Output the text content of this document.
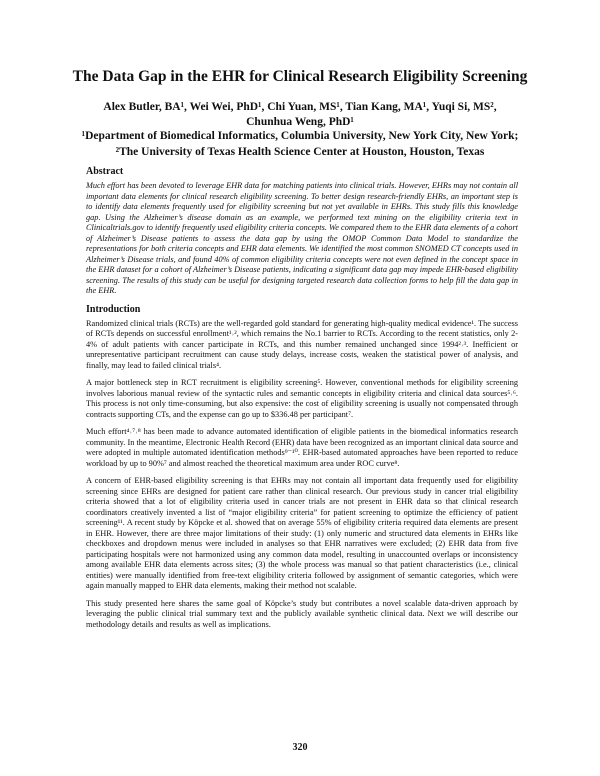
The Data Gap in the EHR for Clinical Research Eligibility Screening

Alex Butler, BA¹, Wei Wei, PhD¹, Chi Yuan, MS¹, Tian Kang, MA¹, Yuqi Si, MS²,

Chunhua Weng, PhD¹

¹Department of Biomedical Informatics, Columbia University, New York City, New York;

²The University of Texas Health Science Center at Houston, Houston, Texas

Abstract

Much effort has been devoted to leverage EHR data for matching patients into clinical trials. However, EHRs may not contain all important data elements for clinical research eligibility screening. To better design research-friendly EHRs, an important step is to identify data elements frequently used for eligibility screening but not yet available in EHRs. This study fills this knowledge gap. Using the Alzheimer’s disease domain as an example, we performed text mining on the eligibility criteria text in Clinicaltrials.gov to identify frequently used eligibility criteria concepts. We compared them to the EHR data elements of a cohort of Alzheimer’s Disease patients to assess the data gap by using the OMOP Common Data Model to standardize the representations for both criteria concepts and EHR data elements. We identified the most common SNOMED CT concepts used in Alzheimer’s Disease trials, and found 40% of common eligibility criteria concepts were not even defined in the concept space in the EHR dataset for a cohort of Alzheimer’s Disease patients, indicating a significant data gap may impede EHR-based eligibility screening. The results of this study can be useful for designing targeted research data collection forms to help fill the data gap in the EHR.

Introduction

Randomized clinical trials (RCTs) are the well-regarded gold standard for generating high-quality medical evidence¹. The success of RCTs depends on successful enrollment¹˒², which remains the No.1 barrier to RCTs. According to the recent statistics, only 2-4% of adult patients with cancer participate in RCTs, and this number remained unchanged since 1994²˒³. Inefficient or unrepresentative participant recruitment can cause study delays, increase costs, weaken the statistical power of analysis, and finally, may lead to failed clinical trials⁴.

A major bottleneck step in RCT recruitment is eligibility screening⁵. However, conventional methods for eligibility screening involves laborious manual review of the syntactic rules and semantic concepts in eligibility criteria and clinical data sources⁵˒⁶. This process is not only time-consuming, but also expensive: the cost of eligibility screening is usually not compensated through contracts supporting CTs, and the expense can go up to $336.48 per participant⁷.

Much effort⁴˒⁷˒⁸ has been made to advance automated identification of eligible patients in the biomedical informatics research community. In the meantime, Electronic Health Record (EHR) data have been recognized as an important clinical data source and were adopted in multiple automated identification methods⁹⁻¹⁰. EHR-based automated approaches have been reported to reduce workload by up to 90%⁷ and almost reached the theoretical maximum area under ROC curve⁸.

A concern of EHR-based eligibility screening is that EHRs may not contain all important data frequently used for eligibility screening since EHRs are designed for patient care rather than clinical research. Our previous study in cancer trial eligibility criteria showed that a lot of eligibility criteria used in cancer trials are not present in EHR data so that clinical research coordinators creatively invented a list of “major eligibility criteria” for patient screening to optimize the efficiency of patient screening¹¹. A recent study by Köpcke et al. showed that on average 55% of eligibility criteria required data elements are present in EHR. However, there are three major limitations of their study: (1) only numeric and structured data elements in EHRs like checkboxes and dropdown menus were included in analyses so that EHR narratives were excluded; (2) EHR data from five participating hospitals were not harmonized using any common data model, resulting in unaccounted overlaps or inconsistency among available EHR data elements across sites; (3) the whole process was manual so that patient characteristics (i.e., clinical entities) were manually identified from free-text eligibility criteria followed by assignment of semantic categories, which were again manually mapped to EHR data elements, making their method not scalable.

This study presented here shares the same goal of Köpcke’s study but contributes a novel scalable data-driven approach by leveraging the public clinical trial summary text and the publicly available synthetic clinical data. Next we will describe our methodology details and results as well as implications.

320
